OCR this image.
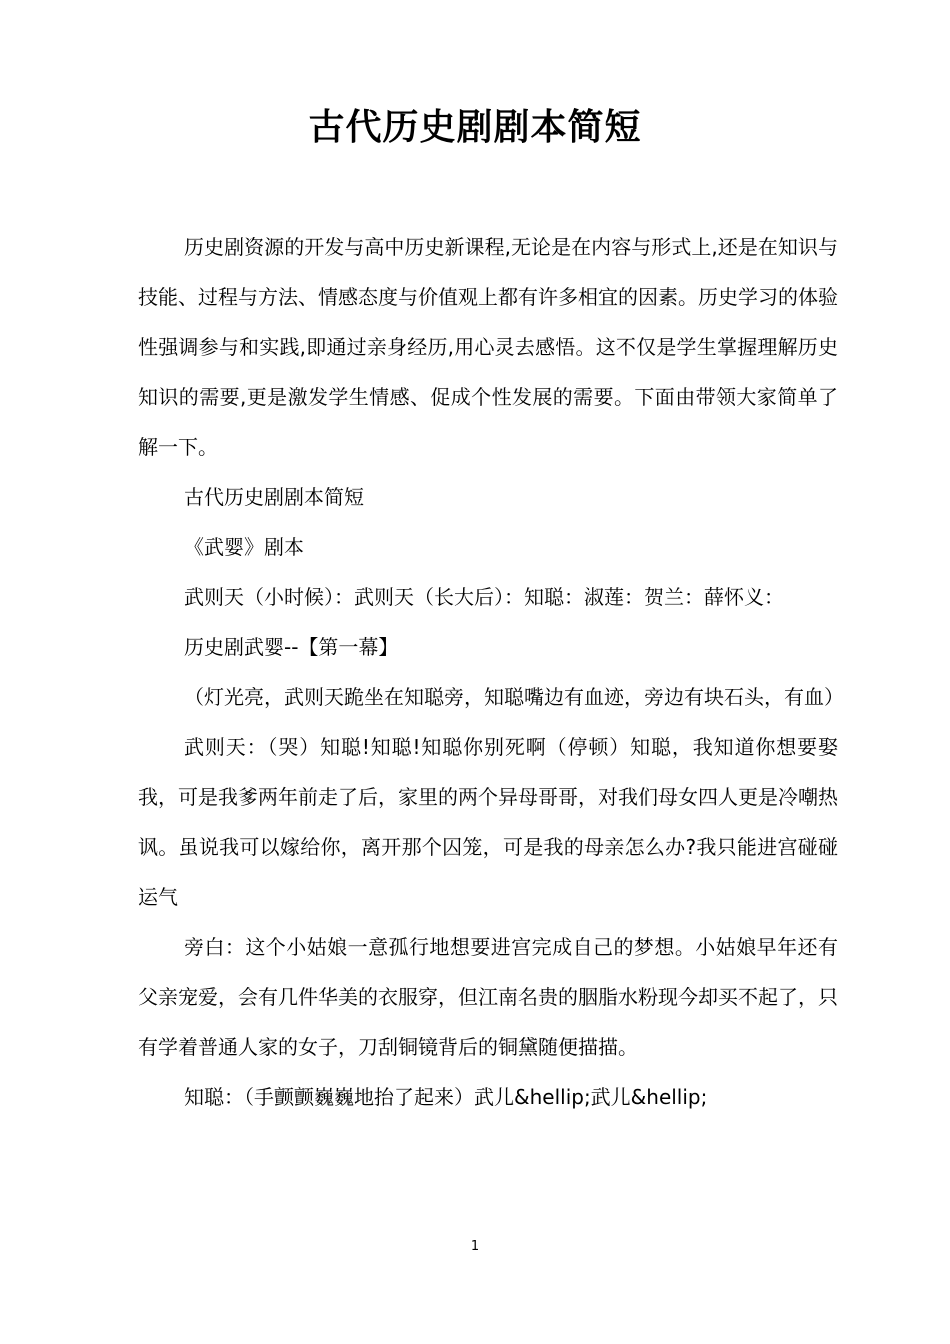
古代历史剧剧本简短

历史剧资源的开发与高中历史新课程,无论是在内容与形式上,还是在知识与技能、过程与方法、情感态度与价值观上都有许多相宜的因素。历史学习的体验性强调参与和实践,即通过亲身经历,用心灵去感悟。这不仅是学生掌握理解历史知识的需要,更是激发学生情感、促成个性发展的需要。下面由带领大家简单了解一下。

古代历史剧剧本简短

《武婴》剧本

武则天（小时候）：武则天（长大后）：知聪：淑莲：贺兰：薛怀义：

历史剧武婴--【第一幕】

（灯光亮，武则天跪坐在知聪旁，知聪嘴边有血迹，旁边有块石头，有血）

武则天：（哭）知聪!知聪!知聪你别死啊（停顿）知聪，我知道你想要娶我，可是我爹两年前走了后，家里的两个异母哥哥，对我们母女四人更是冷嘲热讽。虽说我可以嫁给你，离开那个囚笼，可是我的母亲怎么办?我只能进宫碰碰运气

旁白：这个小姑娘一意孤行地想要进宫完成自己的梦想。小姑娘早年还有父亲宠爱，会有几件华美的衣服穿，但江南名贵的胭脂水粉现今却买不起了，只有学着普通人家的女子，刀刮铜镜背后的铜黛随便描描。

知聪：（手颤颤巍巍地抬了起来）武儿&hellip;武儿&hellip;

1
